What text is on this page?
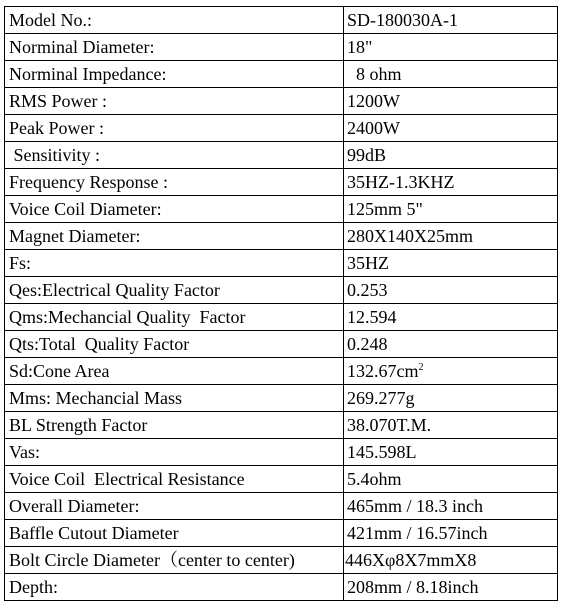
Model No.:	SD-180030A-1
Norminal Diameter:	18"
Norminal Impedance:	8 ohm
RMS Power :	1200W
Peak Power :	2400W
Sensitivity :	99dB
Frequency Response :	35HZ-1.3KHZ
Voice Coil Diameter:	125mm 5"
Magnet Diameter:	280X140X25mm
Fs:	35HZ
Qes:Electrical Quality Factor	0.253
Qms:Mechancial Quality  Factor	12.594
Qts:Total  Quality Factor	0.248
Sd:Cone Area	$132.67cm^2$
Mms: Mechancial Mass	269.277g
BL Strength Factor	38.070T.M.
Vas:	145.598L
Voice Coil  Electrical Resistance	5.4ohm
Overall Diameter:	465mm / 18.3 inch
Baffle Cutout Diameter	421mm / 16.57inch
Bolt Circle Diameter（center to center)	446Xφ8X7mmX8
Depth:	208mm / 8.18inch
